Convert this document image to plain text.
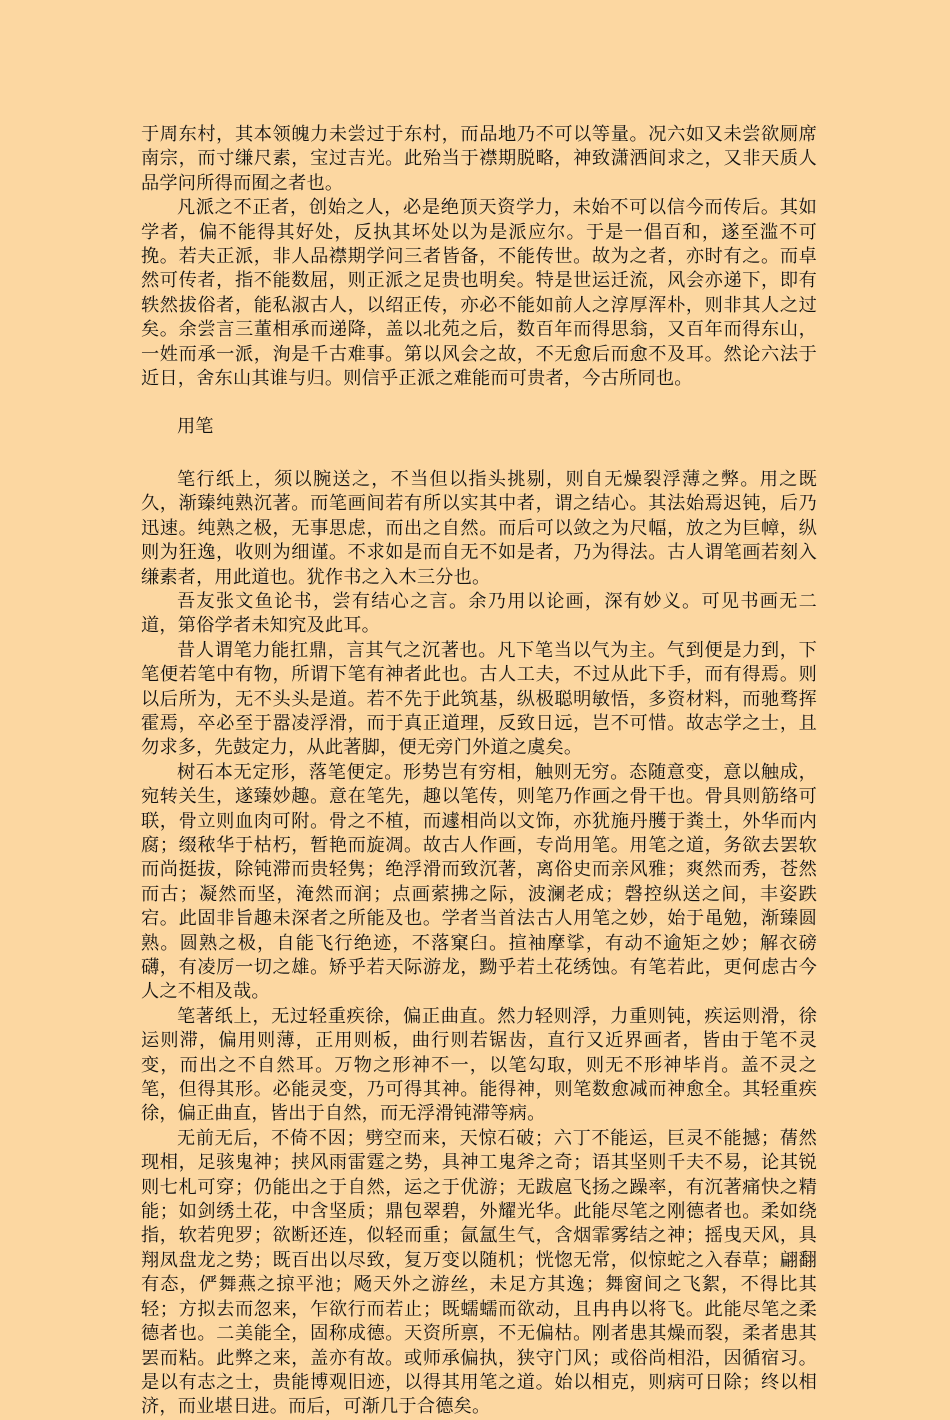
于周东村，其本领魄力未尝过于东村，而品地乃不可以等量。况六如又未尝欲厕席南宗，而寸缣尺素，宝过吉光。此殆当于襟期脱略，神致潇洒间求之，又非天质人品学问所得而囿之者也。

凡派之不正者，创始之人，必是绝顶天资学力，未始不可以信今而传后。其如学者，偏不能得其好处，反执其坏处以为是派应尔。于是一倡百和，遂至滥不可挽。若夫正派，非人品襟期学问三者皆备，不能传世。故为之者，亦时有之。而卓然可传者，指不能数屈，则正派之足贵也明矣。特是世运迁流，风会亦递下，即有轶然拔俗者，能私淑古人，以绍正传，亦必不能如前人之淳厚浑朴，则非其人之过矣。余尝言三董相承而递降，盖以北苑之后，数百年而得思翁，又百年而得东山，一姓而承一派，洵是千古难事。第以风会之故，不无愈后而愈不及耳。然论六法于近日，舍东山其谁与归。则信乎正派之难能而可贵者，今古所同也。

用笔

笔行纸上，须以腕送之，不当但以指头挑剔，则自无燥裂浮薄之弊。用之既久，渐臻纯熟沉著。而笔画间若有所以实其中者，谓之结心。其法始焉迟钝，后乃迅速。纯熟之极，无事思虑，而出之自然。而后可以敛之为尺幅，放之为巨幛，纵则为狂逸，收则为细谨。不求如是而自无不如是者，乃为得法。古人谓笔画若刻入缣素者，用此道也。犹作书之入木三分也。

吾友张文鱼论书，尝有结心之言。余乃用以论画，深有妙义。可见书画无二道，第俗学者未知究及此耳。

昔人谓笔力能扛鼎，言其气之沉著也。凡下笔当以气为主。气到便是力到，下笔便若笔中有物，所谓下笔有神者此也。古人工夫，不过从此下手，而有得焉。则以后所为，无不头头是道。若不先于此筑基，纵极聪明敏悟，多资材料，而驰骛挥霍焉，卒必至于嚣凌浮滑，而于真正道理，反致日远，岂不可惜。故志学之士，且勿求多，先鼓定力，从此著脚，便无旁门外道之虞矣。

树石本无定形，落笔便定。形势岂有穷相，触则无穷。态随意变，意以触成，宛转关生，遂臻妙趣。意在笔先，趣以笔传，则笔乃作画之骨干也。骨具则筋络可联，骨立则血肉可附。骨之不植，而遽相尚以文饰，亦犹施丹雘于粪土，外华而内腐；缀秾华于枯朽，暂艳而旋凋。故古人作画，专尚用笔。用笔之道，务欲去罢软而尚挺拔，除钝滞而贵轻隽；绝浮滑而致沉著，离俗史而亲风雅；爽然而秀，苍然而古；凝然而坚，淹然而润；点画萦拂之际，波澜老成；磬控纵送之间，丰姿跌宕。此固非旨趣未深者之所能及也。学者当首法古人用笔之妙，始于黾勉，渐臻圆熟。圆熟之极，自能飞行绝迹，不落窠臼。揎袖摩挲，有动不逾矩之妙；解衣磅礴，有凌厉一切之雄。矫乎若天际游龙，黝乎若土花绣蚀。有笔若此，更何虑古今人之不相及哉。

笔著纸上，无过轻重疾徐，偏正曲直。然力轻则浮，力重则钝，疾运则滑，徐运则滞，偏用则薄，正用则板，曲行则若锯齿，直行又近界画者，皆由于笔不灵变，而出之不自然耳。万物之形神不一，以笔勾取，则无不形神毕肖。盖不灵之笔，但得其形。必能灵变，乃可得其神。能得神，则笔数愈减而神愈全。其轻重疾徐，偏正曲直，皆出于自然，而无浮滑钝滞等病。

无前无后，不倚不因；劈空而来，天惊石破；六丁不能运，巨灵不能撼；蒨然现相，足骇鬼神；挟风雨雷霆之势，具神工鬼斧之奇；语其坚则千夫不易，论其锐则七札可穿；仍能出之于自然，运之于优游；无跋扈飞扬之躁率，有沉著痛快之精能；如剑绣土花，中含坚质；鼎包翠碧，外耀光华。此能尽笔之刚德者也。柔如绕指，软若兜罗；欲断还连，似轻而重；氤氲生气，含烟霏雾结之神；摇曳天风，具翔凤盘龙之势；既百出以尽致，复万变以随机；恍惚无常，似惊蛇之入春草；翩翻有态，俨舞燕之掠平池；飏天外之游丝，未足方其逸；舞窗间之飞絮，不得比其轻；方拟去而忽来，乍欲行而若止；既蠕蠕而欲动，且冉冉以将飞。此能尽笔之柔德者也。二美能全，固称成德。天资所禀，不无偏枯。刚者患其燥而裂，柔者患其罢而粘。此弊之来，盖亦有故。或师承偏执，狭守门风；或俗尚相沿，因循宿习。是以有志之士，贵能博观旧迹，以得其用笔之道。始以相克，则病可日除；终以相济，而业堪日进。而后，可渐几于合德矣。
